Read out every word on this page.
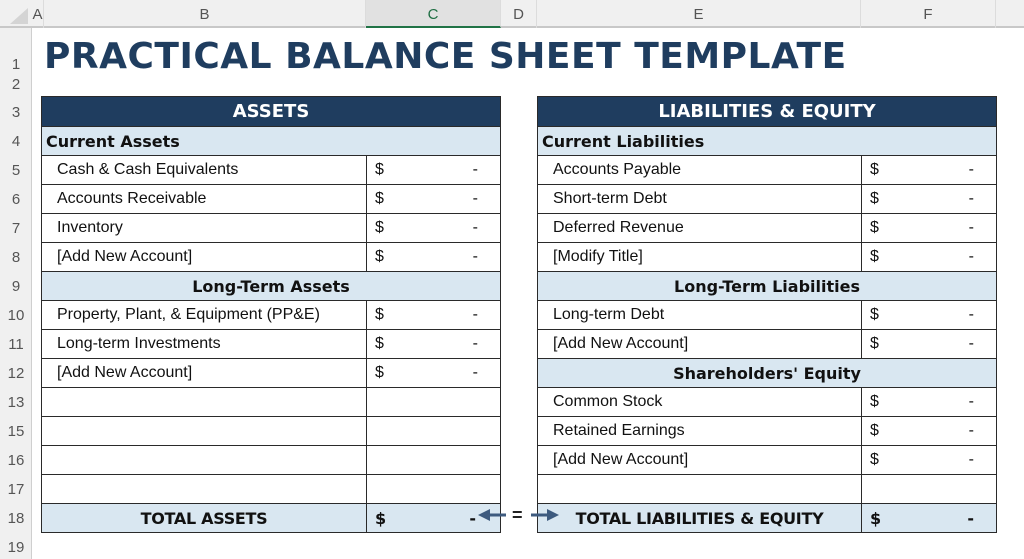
A	B	C	D	E	F
1
2
3
4
5
6
7
8
9
10
11
12
13
15
16
17
18
19
PRACTICAL BALANCE SHEET TEMPLATE
ASSETS
Current Assets
Cash & Cash Equivalents	$	-
Accounts Receivable	$	-
Inventory	$	-
[Add New Account]	$	-
Long-Term Assets
Property, Plant, & Equipment (PP&E)	$	-
Long-term Investments	$	-
[Add New Account]	$	-
TOTAL ASSETS	$	-
LIABILITIES & EQUITY
Current Liabilities
Accounts Payable	$	-
Short-term Debt	$	-
Deferred Revenue	$	-
[Modify Title]	$	-
Long-Term Liabilities
Long-term Debt	$	-
[Add New Account]	$	-
Shareholders' Equity
Common Stock	$	-
Retained Earnings	$	-
[Add New Account]	$	-
TOTAL LIABILITIES & EQUITY	$	-
=
